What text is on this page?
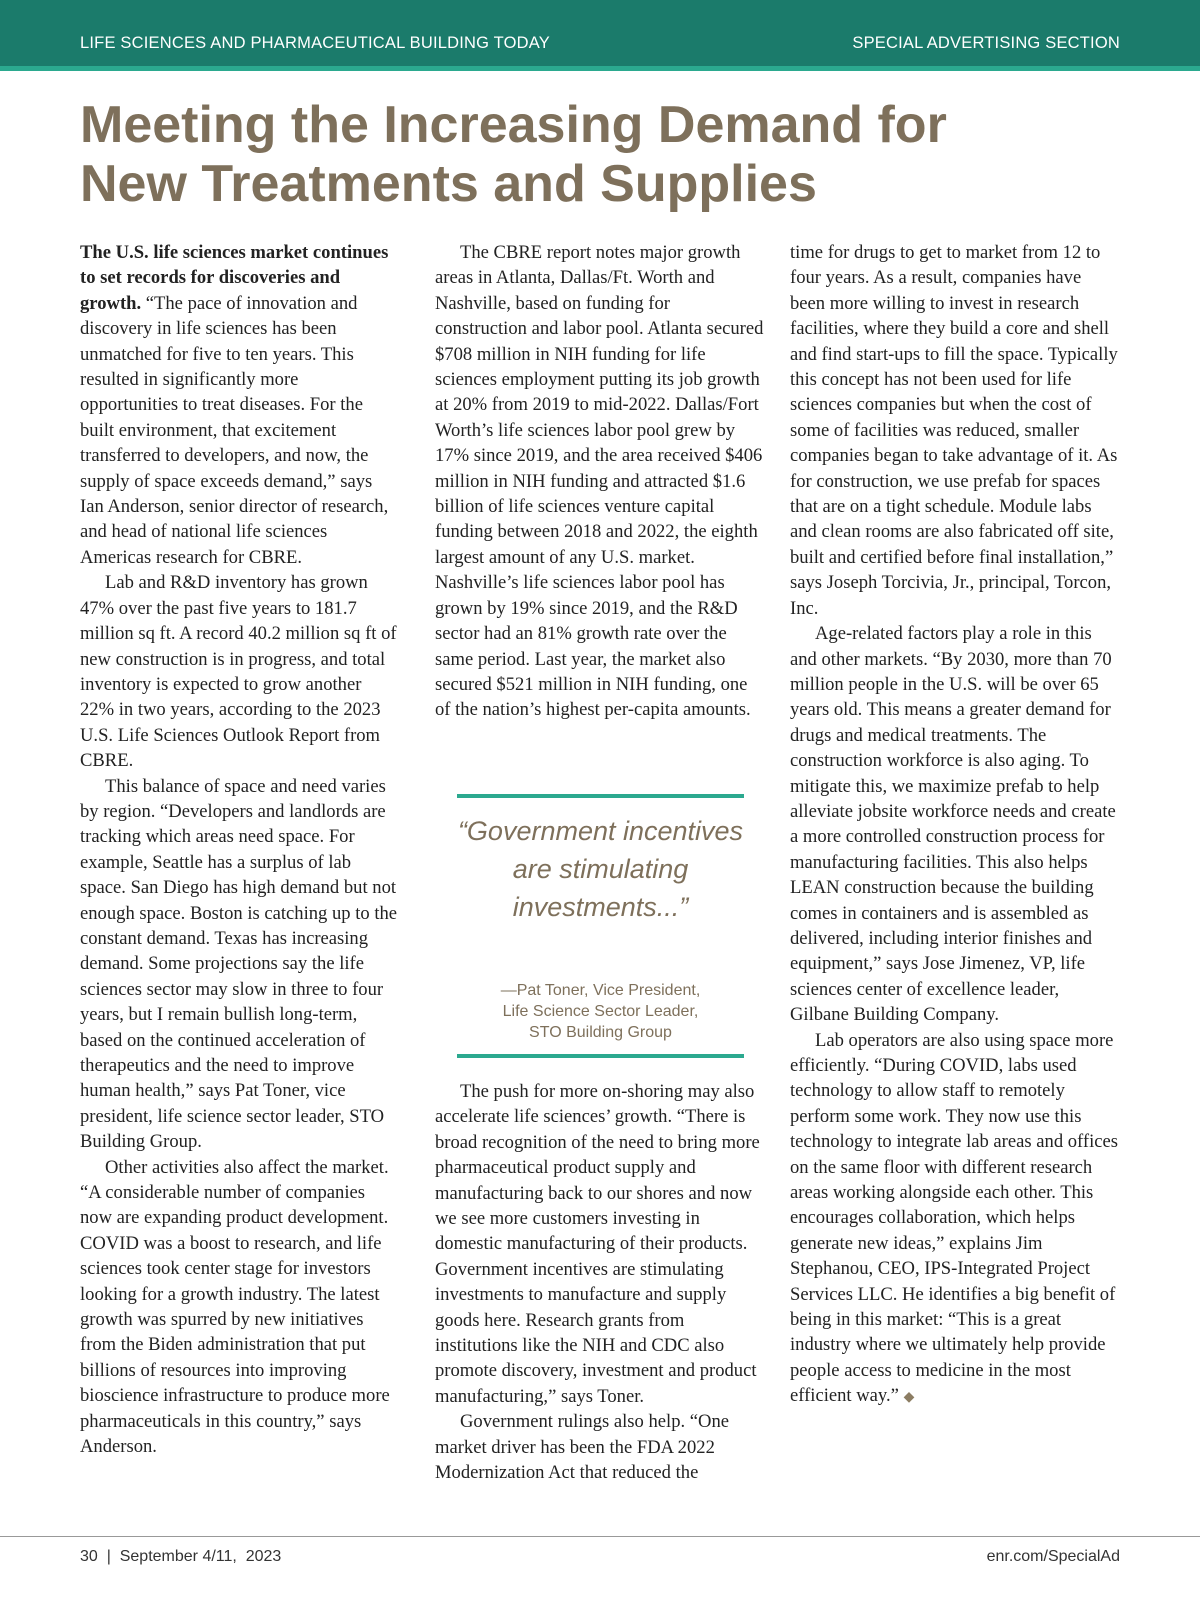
LIFE SCIENCES AND PHARMACEUTICAL BUILDING TODAY	SPECIAL ADVERTISING SECTION
Meeting the Increasing Demand for
New Treatments and Supplies

The U.S. life sciences market continues to set records for discoveries and growth. “The pace of innovation and discovery in life sciences has been unmatched for five to ten years. This resulted in significantly more opportunities to treat diseases. For the built environment, that excitement transferred to developers, and now, the supply of space exceeds demand,” says Ian Anderson, senior director of research, and head of national life sciences Americas research for CBRE.

Lab and R&D inventory has grown 47% over the past five years to 181.7 million sq ft. A record 40.2 million sq ft of new construction is in progress, and total inventory is expected to grow another 22% in two years, according to the 2023 U.S. Life Sciences Outlook Report from CBRE.

This balance of space and need varies by region. “Developers and landlords are tracking which areas need space. For example, Seattle has a surplus of lab space. San Diego has high demand but not enough space. Boston is catching up to the constant demand. Texas has increasing demand. Some projections say the life sciences sector may slow in three to four years, but I remain bullish long-term, based on the continued acceleration of therapeutics and the need to improve human health,” says Pat Toner, vice president, life science sector leader, STO Building Group.

Other activities also affect the market. “A considerable number of companies now are expanding product development. COVID was a boost to research, and life sciences took center stage for investors looking for a growth industry. The latest growth was spurred by new initiatives from the Biden administration that put billions of resources into improving bioscience infrastructure to produce more pharmaceuticals in this country,” says Anderson.

The CBRE report notes major growth areas in Atlanta, Dallas/Ft. Worth and Nashville, based on funding for construction and labor pool. Atlanta secured $708 million in NIH funding for life sciences employment putting its job growth at 20% from 2019 to mid-2022. Dallas/Fort Worth’s life sciences labor pool grew by 17% since 2019, and the area received $406 million in NIH funding and attracted $1.6 billion of life sciences venture capital funding between 2018 and 2022, the eighth largest amount of any U.S. market. Nashville’s life sciences labor pool has grown by 19% since 2019, and the R&D sector had an 81% growth rate over the same period. Last year, the market also secured $521 million in NIH funding, one of the nation’s highest per-capita amounts.

“Government incentives are stimulating investments...”
—Pat Toner, Vice President,
Life Science Sector Leader,
STO Building Group

The push for more on-shoring may also accelerate life sciences’ growth. “There is broad recognition of the need to bring more pharmaceutical product supply and manufacturing back to our shores and now we see more customers investing in domestic manufacturing of their products. Government incentives are stimulating investments to manufacture and supply goods here. Research grants from institutions like the NIH and CDC also promote discovery, investment and product manufacturing,” says Toner.

Government rulings also help. “One market driver has been the FDA 2022 Modernization Act that reduced the

time for drugs to get to market from 12 to four years. As a result, companies have been more willing to invest in research facilities, where they build a core and shell and find start-ups to fill the space. Typically this concept has not been used for life sciences companies but when the cost of some of facilities was reduced, smaller companies began to take advantage of it. As for construction, we use prefab for spaces that are on a tight schedule. Module labs and clean rooms are also fabricated off site, built and certified before final installation,” says Joseph Torcivia, Jr., principal, Torcon, Inc.

Age-related factors play a role in this and other markets. “By 2030, more than 70 million people in the U.S. will be over 65 years old. This means a greater demand for drugs and medical treatments. The construction workforce is also aging. To mitigate this, we maximize prefab to help alleviate jobsite workforce needs and create a more controlled construction process for manufacturing facilities. This also helps LEAN construction because the building comes in containers and is assembled as delivered, including interior finishes and equipment,” says Jose Jimenez, VP, life sciences center of excellence leader, Gilbane Building Company.

Lab operators are also using space more efficiently. “During COVID, labs used technology to allow staff to remotely perform some work. They now use this technology to integrate lab areas and offices on the same floor with different research areas working alongside each other. This encourages collaboration, which helps generate new ideas,” explains Jim Stephanou, CEO, IPS-Integrated Project Services LLC. He identifies a big benefit of being in this market: “This is a great industry where we ultimately help provide people access to medicine in the most efficient way.” ◆

30  |  September 4/11,  2023	enr.com/SpecialAd
